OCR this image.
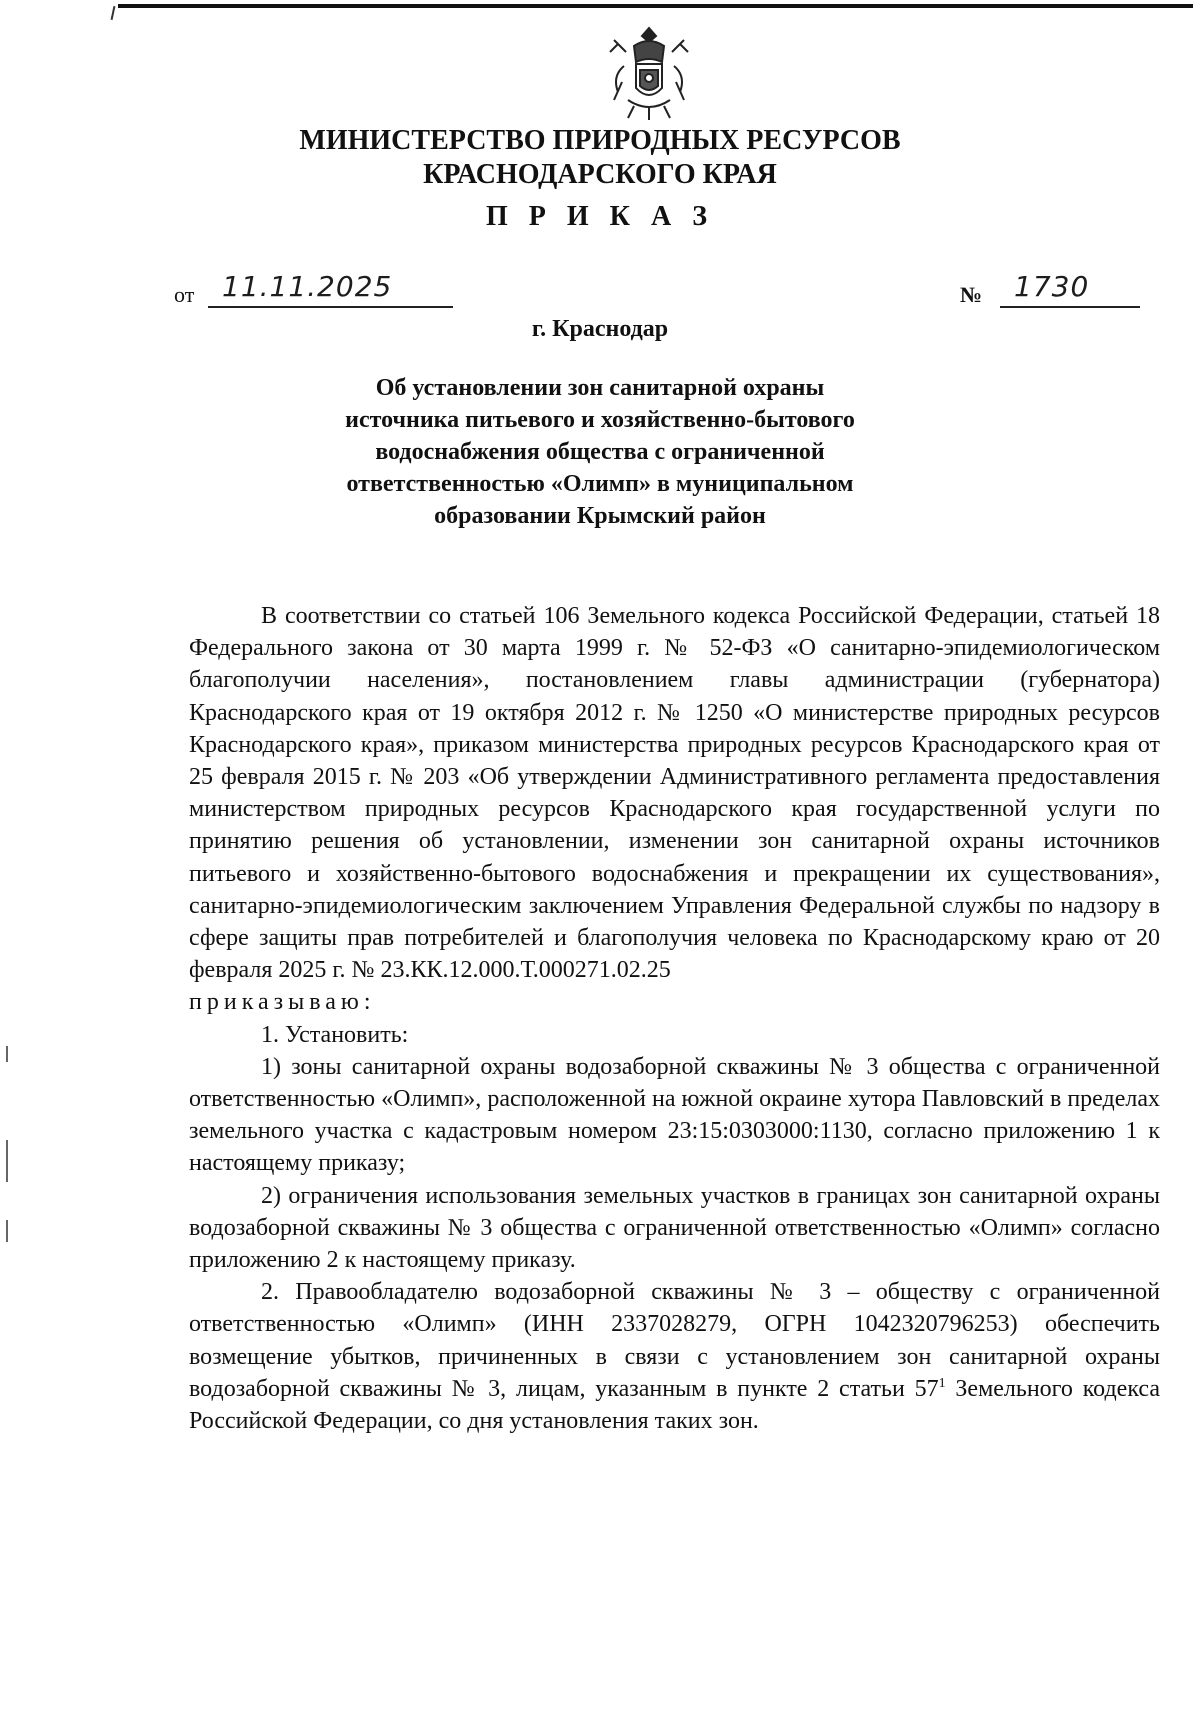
МИНИСТЕРСТВО ПРИРОДНЫХ РЕСУРСОВ
КРАСНОДАРСКОГО КРАЯ
П Р И К А З
от 11.11.2025	№	1730
г. Краснодар
Об установлении зон санитарной охраны
источника питьевого и хозяйственно-бытового
водоснабжения общества с ограниченной
ответственностью «Олимп» в муниципальном
образовании Крымский район

В соответствии со статьей 106 Земельного кодекса Российской Федерации, статьей 18 Федерального закона от 30 марта 1999 г. № 52-ФЗ «О санитарно-эпидемиологическом благополучии населения», постановлением главы администрации (губернатора) Краснодарского края от 19 октября 2012 г. № 1250 «О министерстве природных ресурсов Краснодарского края», приказом министерства природных ресурсов Краснодарского края от 25 февраля 2015 г. № 203 «Об утверждении Административного регламента предоставления министерством природных ресурсов Краснодарского края государственной услуги по принятию решения об установлении, изменении зон санитарной охраны источников питьевого и хозяйственно-бытового водоснабжения и прекращении их существования», санитарно-эпидемиологическим заключением Управления Федеральной службы по надзору в сфере защиты прав потребителей и благополучия человека по Краснодарскому краю от 20 февраля 2025 г. № 23.КК.12.000.Т.000271.02.25

приказываю:

1. Установить:

1) зоны санитарной охраны водозаборной скважины № 3 общества с ограниченной ответственностью «Олимп», расположенной на южной окраине хутора Павловский в пределах земельного участка с кадастровым номером 23:15:0303000:1130, согласно приложению 1 к настоящему приказу;

2) ограничения использования земельных участков в границах зон санитарной охраны водозаборной скважины № 3 общества с ограниченной ответственностью «Олимп» согласно приложению 2 к настоящему приказу.

2. Правообладателю водозаборной скважины № 3 – обществу с ограниченной ответственностью «Олимп» (ИНН 2337028279, ОГРН 1042320796253) обеспечить возмещение убытков, причиненных в связи с установлением зон санитарной охраны водозаборной скважины № 3, лицам, указанным в пункте 2 статьи $57^1$ Земельного кодекса Российской Федерации, со дня установления таких зон.
